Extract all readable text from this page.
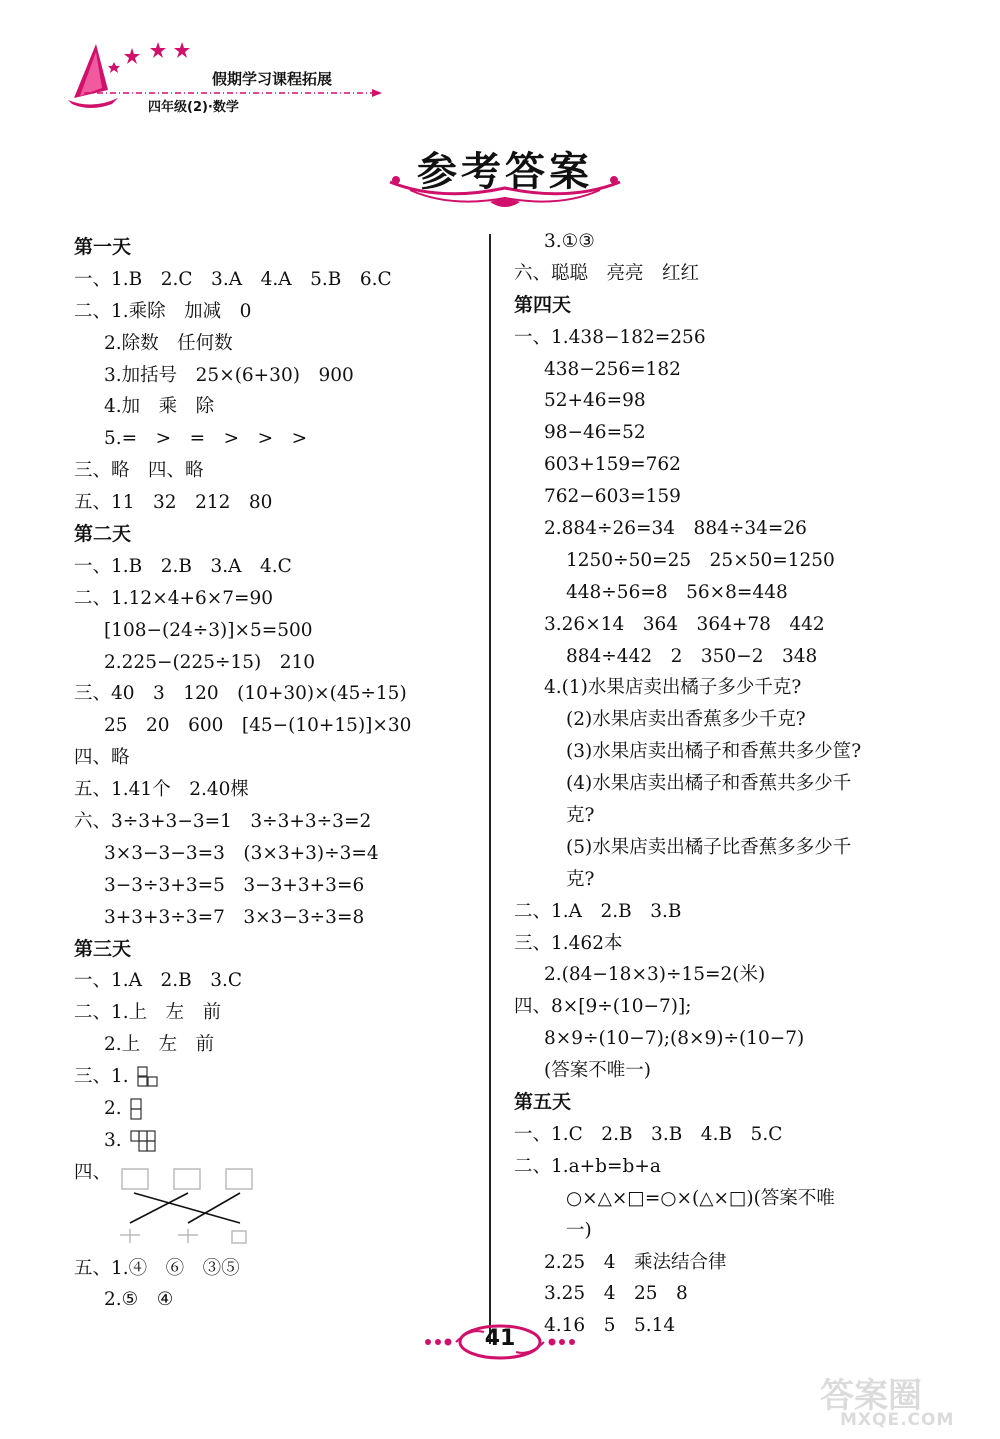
假期学习课程拓展
四年级(2)·数学
参考答案
第一天
一、1.B　2.C　3.A　4.A　5.B　6.C
二、1.乘除　加减　0
2.除数　任何数
3.加括号　25×(6+30)　900
4.加　乘　除
5.=　>　=　>　>　>
三、略　四、略
五、11　32　212　80
第二天
一、1.B　2.B　3.A　4.C
二、1.12×4+6×7=90
[108−(24÷3)]×5=500
2.225−(225÷15)　210
三、40　3　120　(10+30)×(45÷15)
25　20　600　[45−(10+15)]×30
四、略
五、1.41个　2.40棵
六、3÷3+3−3=1　3÷3+3÷3=2
3×3−3−3=3　(3×3+3)÷3=4
3−3÷3+3=5　3−3+3+3=6
3+3+3÷3=7　3×3−3÷3=8
第三天
一、1.A　2.B　3.C
二、1.上　左　前
2.上　左　前
三、1.
2.
3.
四、
五、1.④　⑥　③⑤
2.⑤　④
3.①③
六、聪聪　亮亮　红红
第四天
一、1.438−182=256
438−256=182
52+46=98
98−46=52
603+159=762
762−603=159
2.884÷26=34　884÷34=26
1250÷50=25　25×50=1250
448÷56=8　56×8=448
3.26×14　364　364+78　442
884÷442　2　350−2　348
4.(1)水果店卖出橘子多少千克?
(2)水果店卖出香蕉多少千克?
(3)水果店卖出橘子和香蕉共多少筐?
(4)水果店卖出橘子和香蕉共多少千
克?
(5)水果店卖出橘子比香蕉多多少千
克?
二、1.A　2.B　3.B
三、1.462本
2.(84−18×3)÷15=2(米)
四、8×[9÷(10−7)];
8×9÷(10−7);(8×9)÷(10−7)
(答案不唯一)
第五天
一、1.C　2.B　3.B　4.B　5.C
二、1.a+b=b+a
○×△×□=○×(△×□)(答案不唯
一)
2.25　4　乘法结合律
3.25　4　25　8
4.16　5　5.14
41
答案圈
MXQE.COM
